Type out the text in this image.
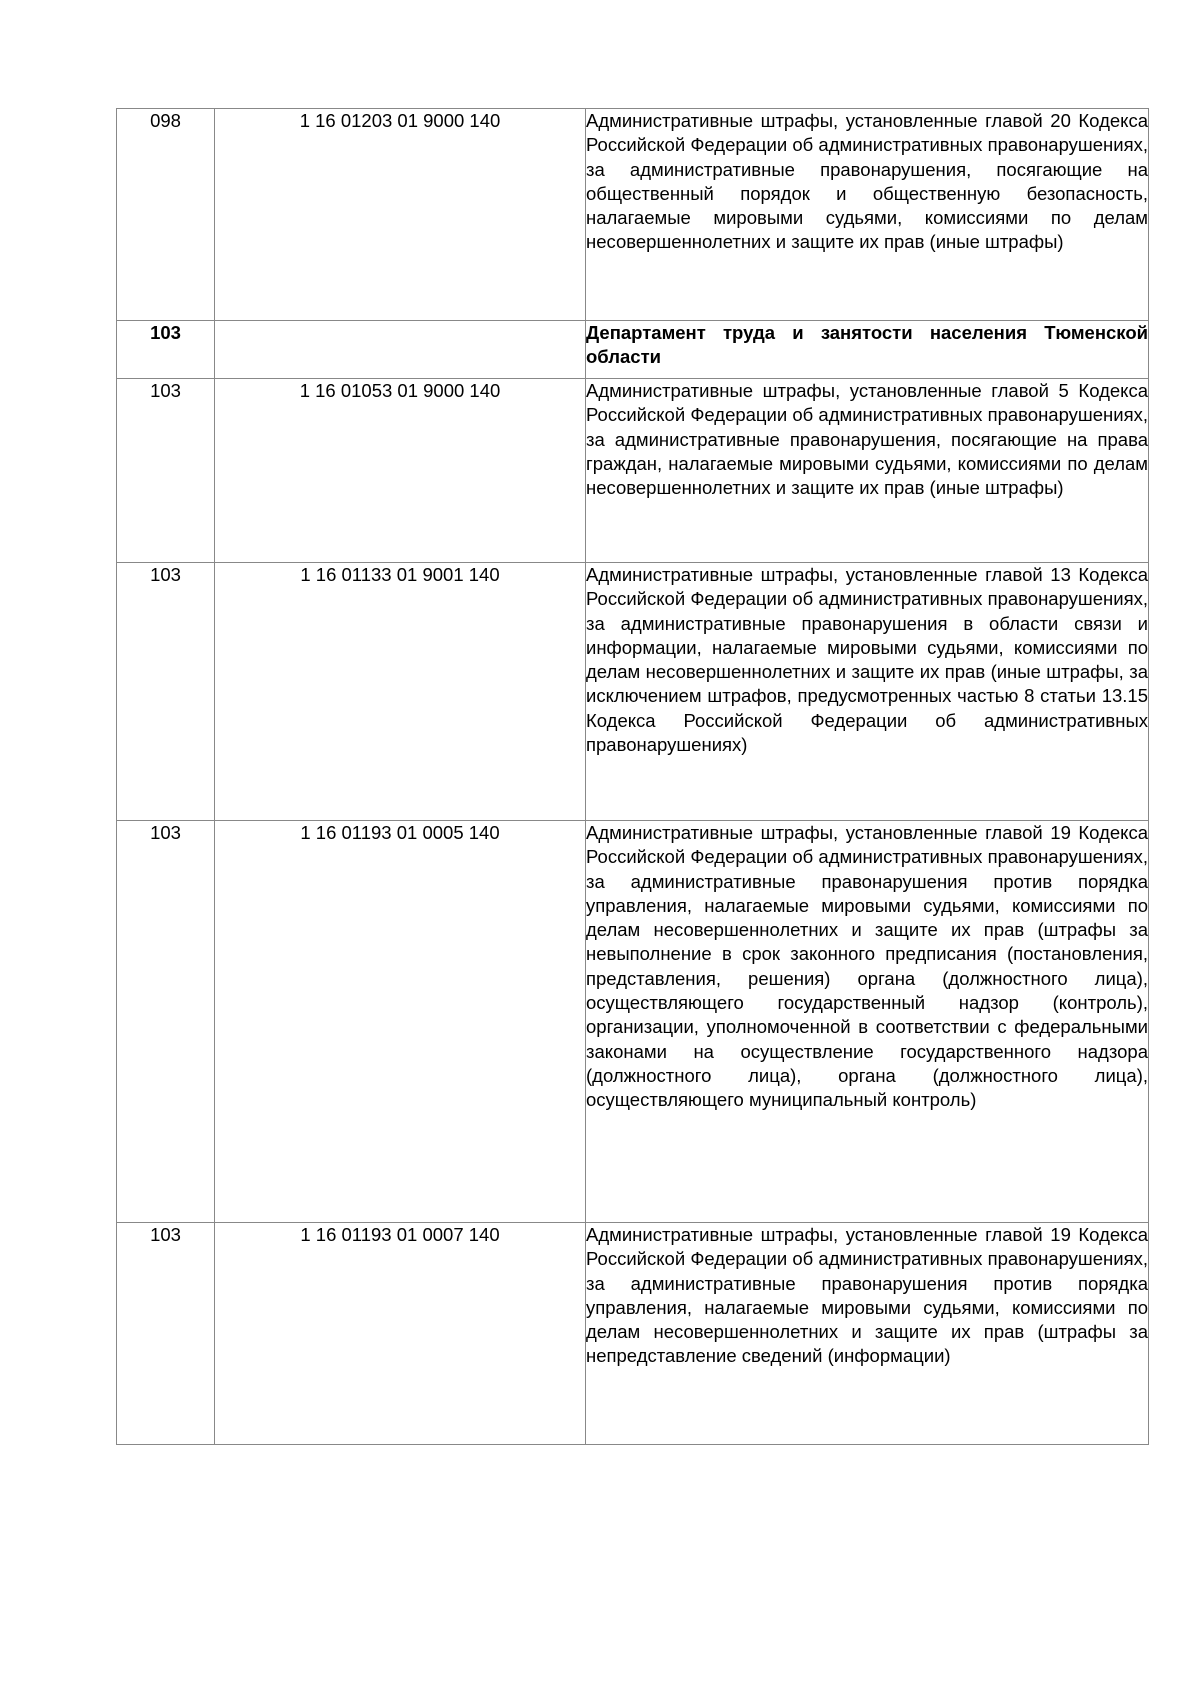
098	1 16 01203 01 9000 140	Административные штрафы, установленные главой 20 Кодекса Российской Федерации об административных правонарушениях, за административные правонарушения, посягающие на общественный порядок и общественную безопасность, налагаемые мировыми судьями, комиссиями по делам несовершеннолетних и защите их прав (иные штрафы)
103		Департамент труда и занятости населения Тюменской области
103	1 16 01053 01 9000 140	Административные штрафы, установленные главой 5 Кодекса Российской Федерации об административных правонарушениях, за административные правонарушения, посягающие на права граждан, налагаемые мировыми судьями, комиссиями по делам несовершеннолетних и защите их прав (иные штрафы)
103	1 16 01133 01 9001 140	Административные штрафы, установленные главой 13 Кодекса Российской Федерации об административных правонарушениях, за административные правонарушения в области связи и информации, налагаемые мировыми судьями, комиссиями по делам несовершеннолетних и защите их прав (иные штрафы, за исключением штрафов, предусмотренных частью 8 статьи 13.15 Кодекса Российской Федерации об административных правонарушениях)
103	1 16 01193 01 0005 140	Административные штрафы, установленные главой 19 Кодекса Российской Федерации об административных правонарушениях, за административные правонарушения против порядка управления, налагаемые мировыми судьями, комиссиями по делам несовершеннолетних и защите их прав (штрафы за невыполнение в срок законного предписания (постановления, представления, решения) органа (должностного лица), осуществляющего государственный надзор (контроль), организации, уполномоченной в соответствии с федеральными законами на осуществление государственного надзора (должностного лица), органа (должностного лица), осуществляющего муниципальный контроль)
103	1 16 01193 01 0007 140	Административные штрафы, установленные главой 19 Кодекса Российской Федерации об административных правонарушениях, за административные правонарушения против порядка управления, налагаемые мировыми судьями, комиссиями по делам несовершеннолетних и защите их прав (штрафы за непредставление сведений (информации)
